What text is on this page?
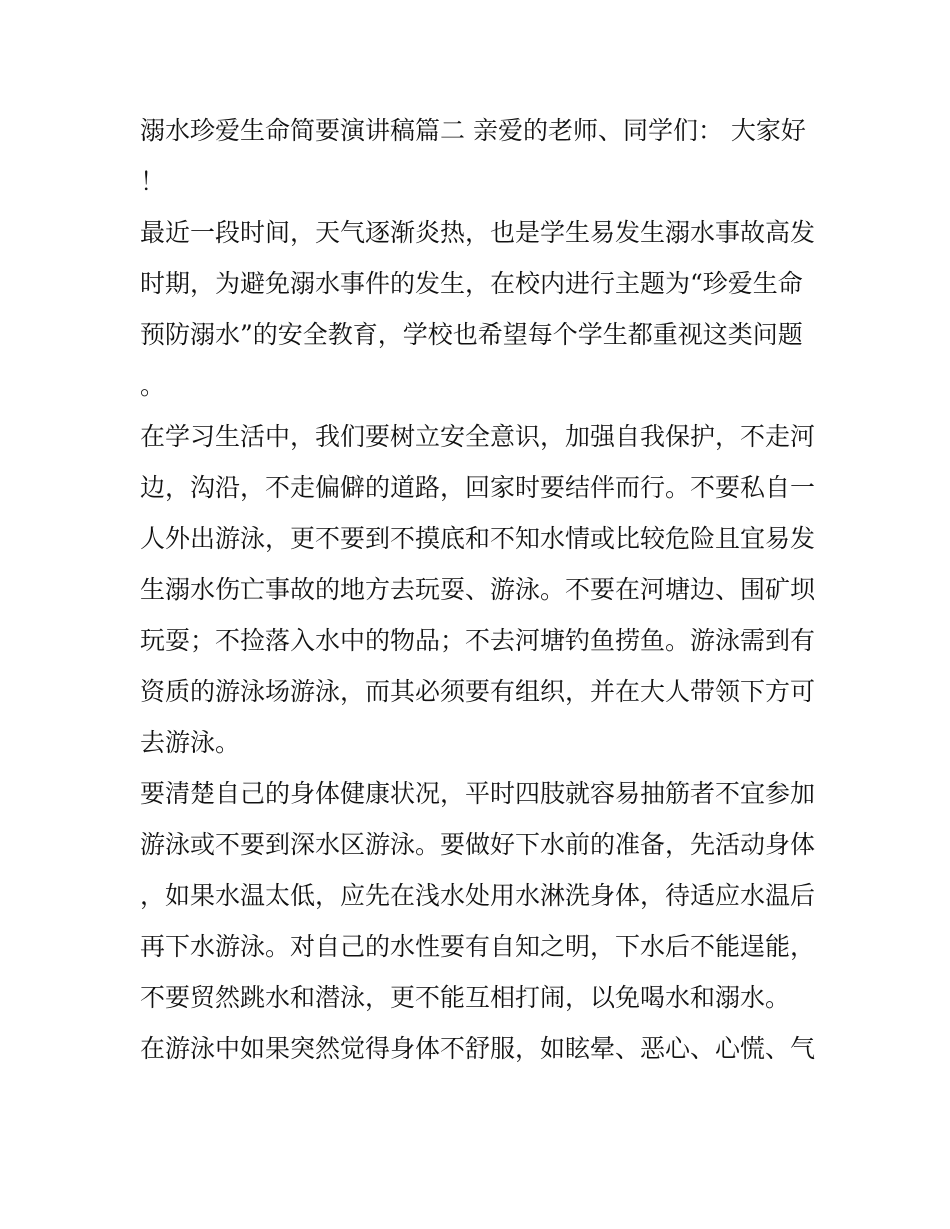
溺水珍爱生命简要演讲稿篇二 亲爱的老师、同学们： 大家好！

最近一段时间，天气逐渐炎热，也是学生易发生溺水事故高发时期，为避免溺水事件的发生，在校内进行主题为“珍爱生命预防溺水”的安全教育，学校也希望每个学生都重视这类问题。

在学习生活中，我们要树立安全意识，加强自我保护，不走河边，沟沿，不走偏僻的道路，回家时要结伴而行。不要私自一人外出游泳，更不要到不摸底和不知水情或比较危险且宜易发生溺水伤亡事故的地方去玩耍、游泳。不要在河塘边、围矿坝玩耍；不捡落入水中的物品；不去河塘钓鱼捞鱼。游泳需到有资质的游泳场游泳，而其必须要有组织，并在大人带领下方可去游泳。

要清楚自己的身体健康状况，平时四肢就容易抽筋者不宜参加游泳或不要到深水区游泳。要做好下水前的准备，先活动身体，如果水温太低，应先在浅水处用水淋洗身体，待适应水温后再下水游泳。对自己的水性要有自知之明，下水后不能逞能，不要贸然跳水和潜泳，更不能互相打闹，以免喝水和溺水。

在游泳中如果突然觉得身体不舒服，如眩晕、恶心、心慌、气
